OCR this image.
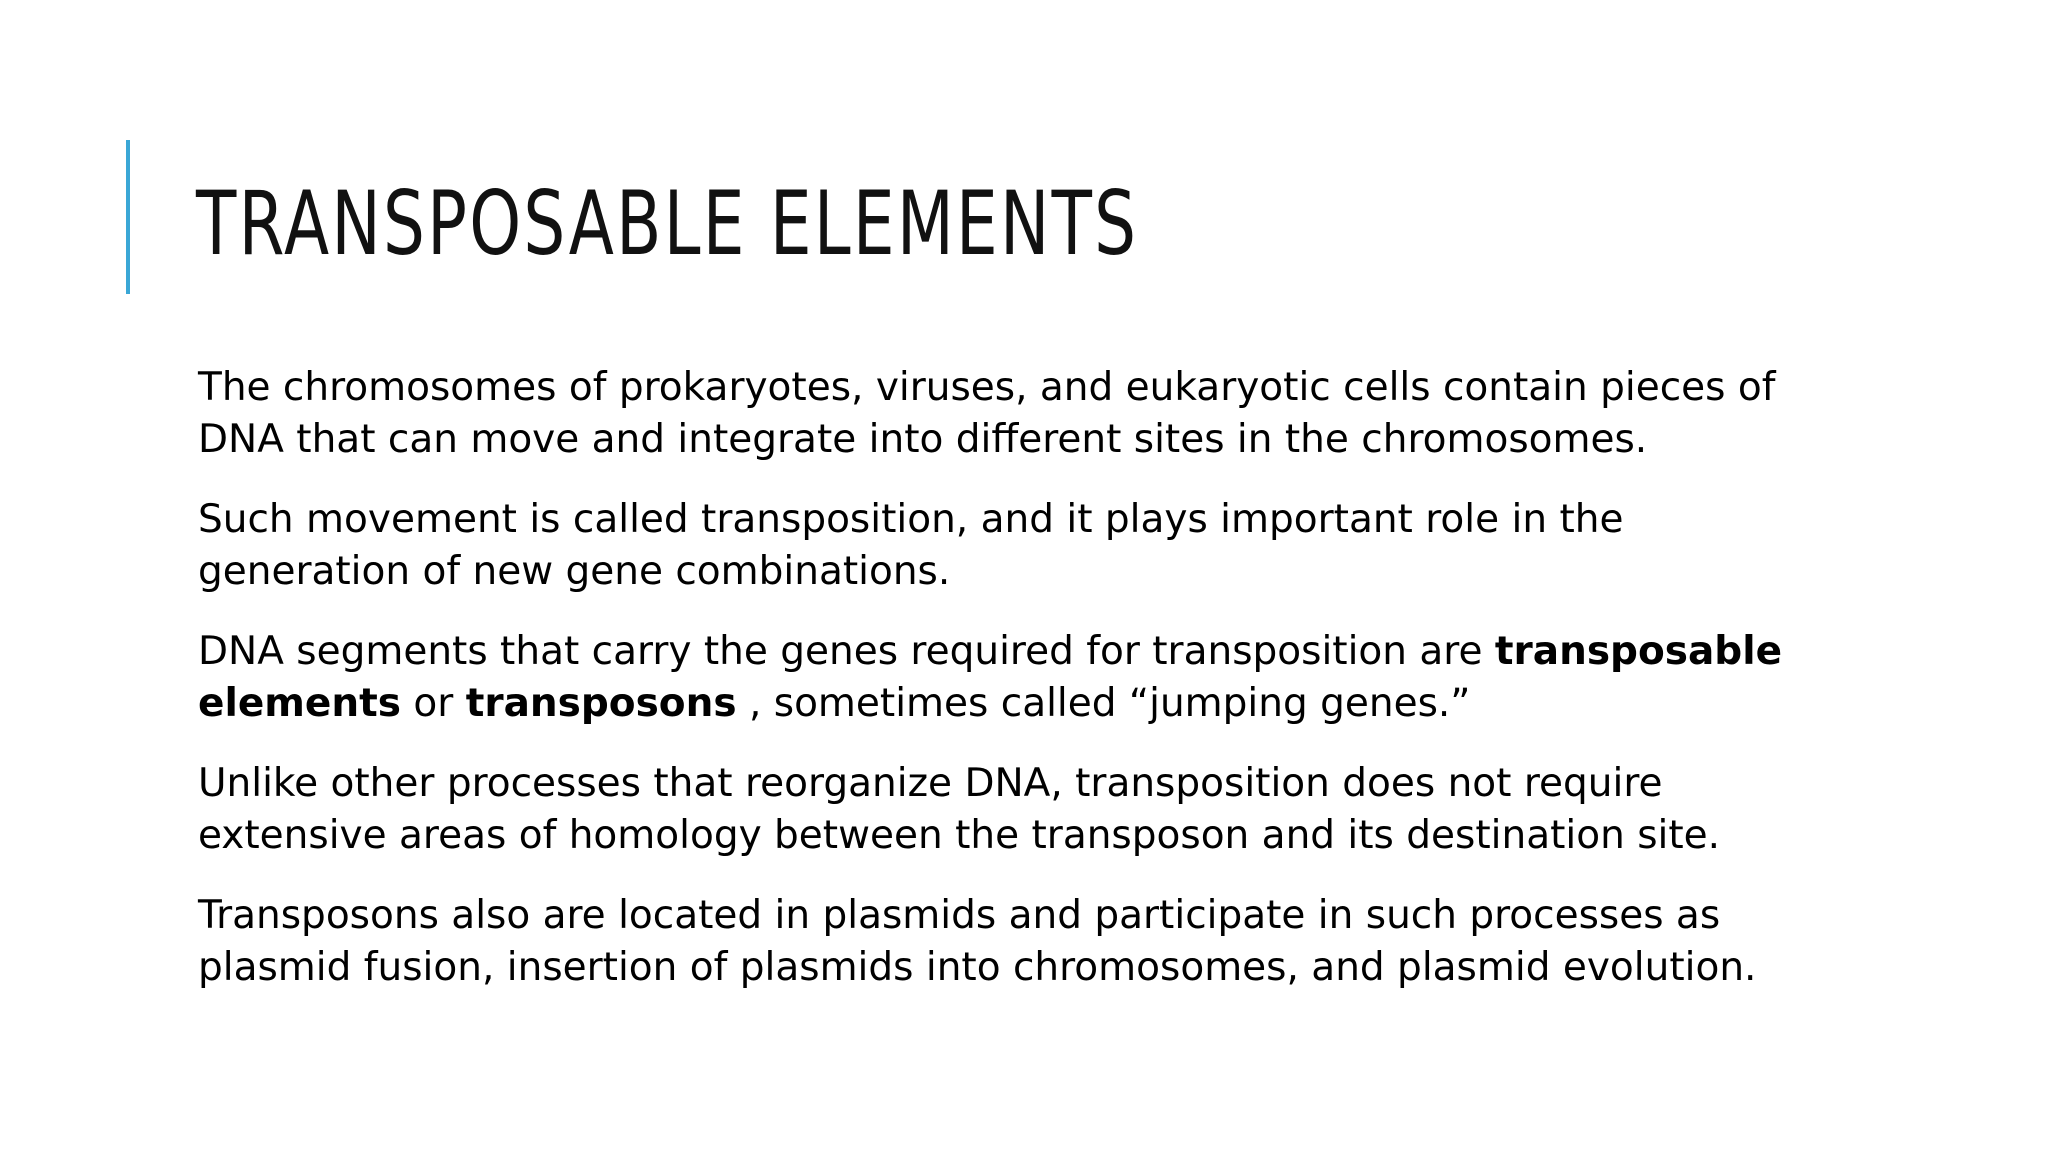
TRANSPOSABLE ELEMENTS

The chromosomes of prokaryotes, viruses, and eukaryotic cells contain pieces of DNA that can move and integrate into different sites in the chromosomes.

Such movement is called transposition, and it plays important role in the generation of new gene combinations.

DNA segments that carry the genes required for transposition are transposable elements or transposons , sometimes called “jumping genes.”

Unlike other processes that reorganize DNA, transposition does not require extensive areas of homology between the transposon and its destination site.

Transposons also are located in plasmids and participate in such processes as plasmid fusion, insertion of plasmids into chromosomes, and plasmid evolution.
